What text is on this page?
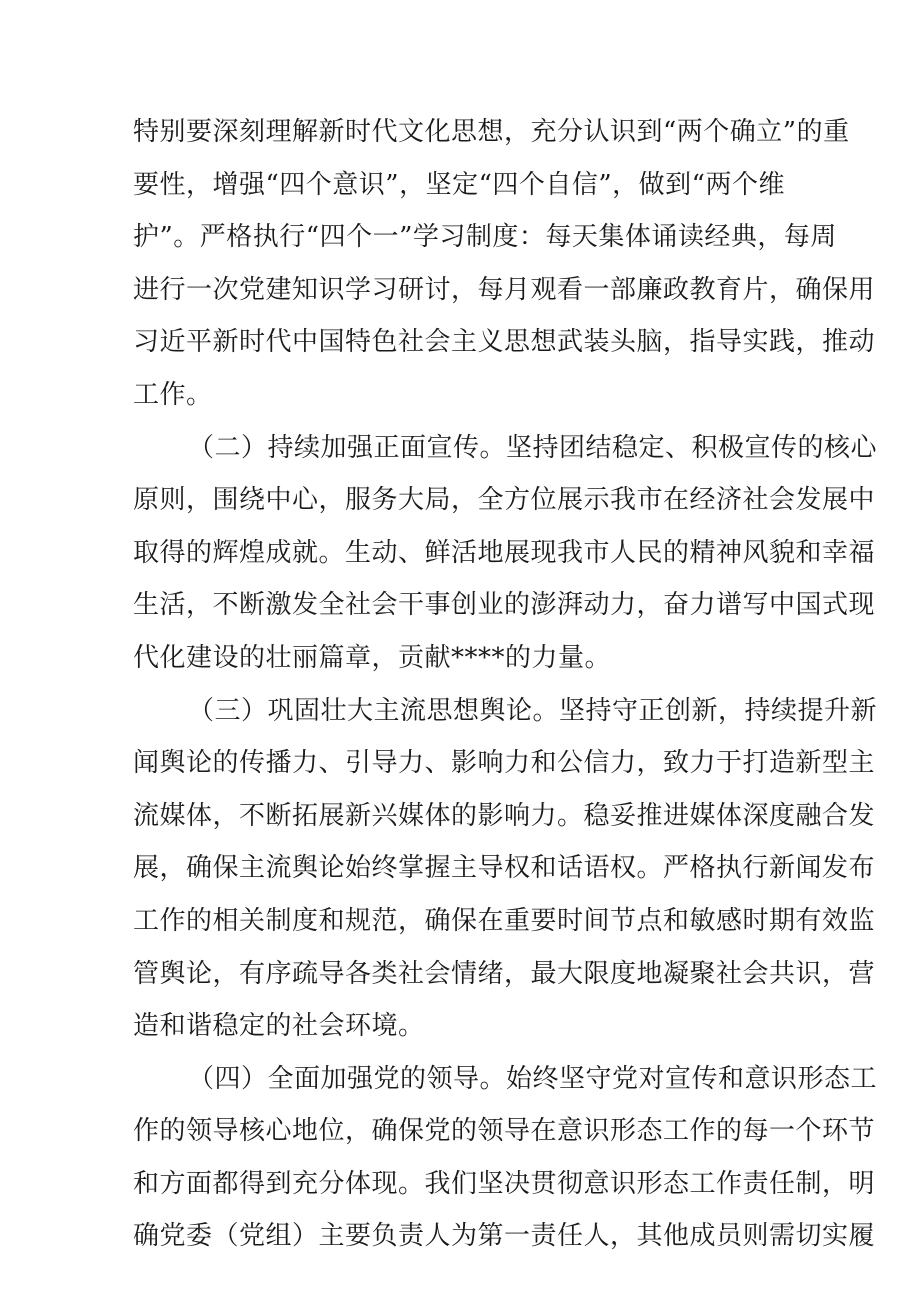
特别要深刻理解新时代文化思想，充分认识到“两个确立”的重
要性，增强“四个意识”，坚定“四个自信”，做到“两个维
护”。严格执行“四个一”学习制度：每天集体诵读经典，每周
进行一次党建知识学习研讨，每月观看一部廉政教育片，确保用
习近平新时代中国特色社会主义思想武装头脑，指导实践，推动
工作。
（二）持续加强正面宣传。坚持团结稳定、积极宣传的核心
原则，围绕中心，服务大局，全方位展示我市在经济社会发展中
取得的辉煌成就。生动、鲜活地展现我市人民的精神风貌和幸福
生活，不断激发全社会干事创业的澎湃动力，奋力谱写中国式现
代化建设的壮丽篇章，贡献****的力量。
（三）巩固壮大主流思想舆论。坚持守正创新，持续提升新
闻舆论的传播力、引导力、影响力和公信力，致力于打造新型主
流媒体，不断拓展新兴媒体的影响力。稳妥推进媒体深度融合发
展，确保主流舆论始终掌握主导权和话语权。严格执行新闻发布
工作的相关制度和规范，确保在重要时间节点和敏感时期有效监
管舆论，有序疏导各类社会情绪，最大限度地凝聚社会共识，营
造和谐稳定的社会环境。
（四）全面加强党的领导。始终坚守党对宣传和意识形态工
作的领导核心地位，确保党的领导在意识形态工作的每一个环节
和方面都得到充分体现。我们坚决贯彻意识形态工作责任制，明
确党委（党组）主要负责人为第一责任人，其他成员则需切实履
